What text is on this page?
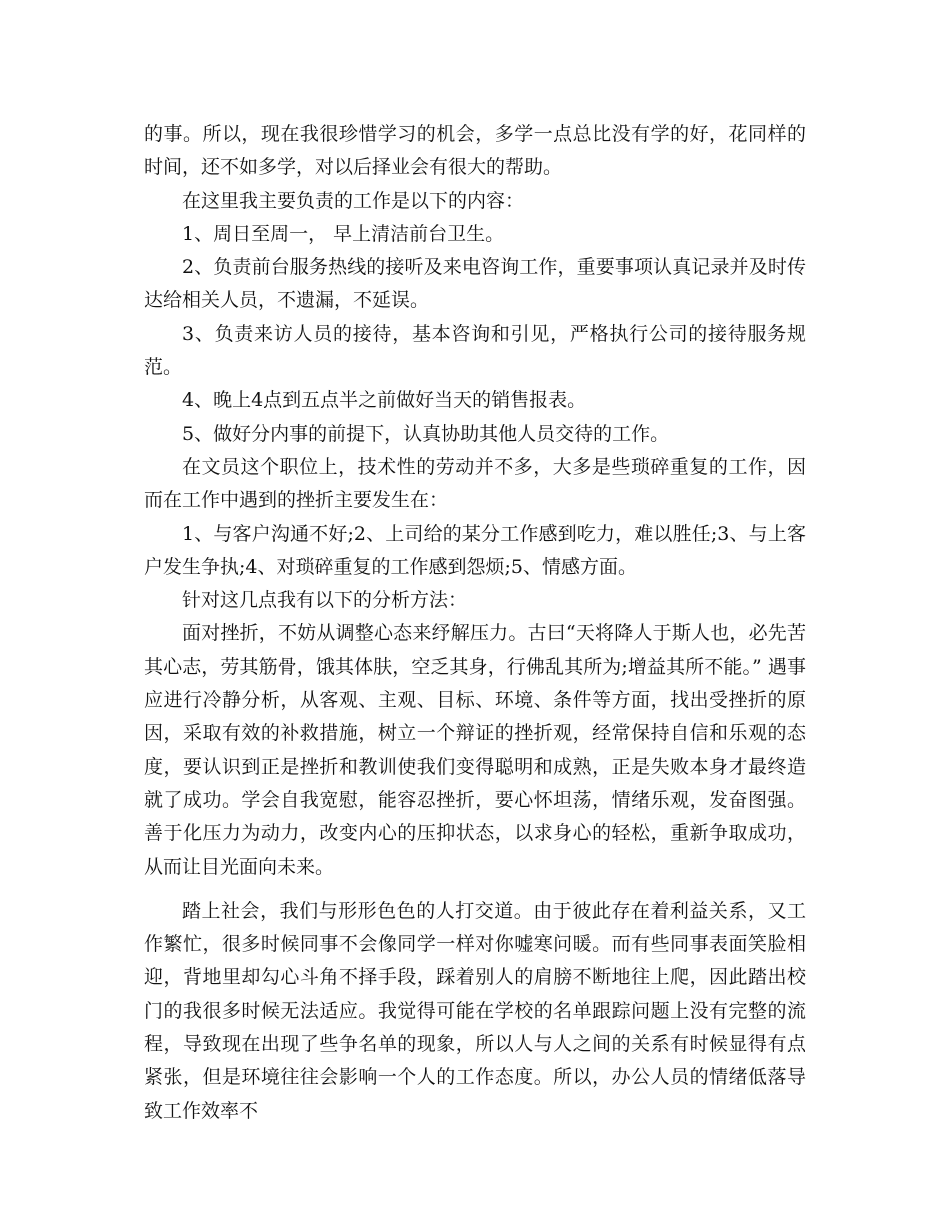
的事。所以，现在我很珍惜学习的机会，多学一点总比没有学的好，花同样的时间，还不如多学，对以后择业会有很大的帮助。

在这里我主要负责的工作是以下的内容：

1、周日至周一， 早上清洁前台卫生。

2、负责前台服务热线的接听及来电咨询工作，重要事项认真记录并及时传达给相关人员，不遗漏，不延误。

3、负责来访人员的接待，基本咨询和引见，严格执行公司的接待服务规范。

4、晚上4点到五点半之前做好当天的销售报表。

5、做好分内事的前提下，认真协助其他人员交待的工作。

在文员这个职位上，技术性的劳动并不多，大多是些琐碎重复的工作，因而在工作中遇到的挫折主要发生在：

1、与客户沟通不好;2、上司给的某分工作感到吃力，难以胜任;3、与上客户发生争执;4、对琐碎重复的工作感到怨烦;5、情感方面。

针对这几点我有以下的分析方法：

面对挫折，不妨从调整心态来纾解压力。古曰“天将降人于斯人也，必先苦其心志，劳其筋骨，饿其体肤，空乏其身，行佛乱其所为;增益其所不能。” 遇事应进行冷静分析，从客观、主观、目标、环境、条件等方面，找出受挫折的原因，采取有效的补救措施，树立一个辩证的挫折观，经常保持自信和乐观的态度，要认识到正是挫折和教训使我们变得聪明和成熟，正是失败本身才最终造就了成功。学会自我宽慰，能容忍挫折，要心怀坦荡，情绪乐观，发奋图强。善于化压力为动力，改变内心的压抑状态，以求身心的轻松，重新争取成功，从而让目光面向未来。

踏上社会，我们与形形色色的人打交道。由于彼此存在着利益关系，又工作繁忙，很多时候同事不会像同学一样对你嘘寒问暖。而有些同事表面笑脸相迎，背地里却勾心斗角不择手段，踩着别人的肩膀不断地往上爬，因此踏出校门的我很多时候无法适应。我觉得可能在学校的名单跟踪问题上没有完整的流程，导致现在出现了些争名单的现象，所以人与人之间的关系有时候显得有点紧张，但是环境往往会影响一个人的工作态度。所以，办公人员的情绪低落导致工作效率不
